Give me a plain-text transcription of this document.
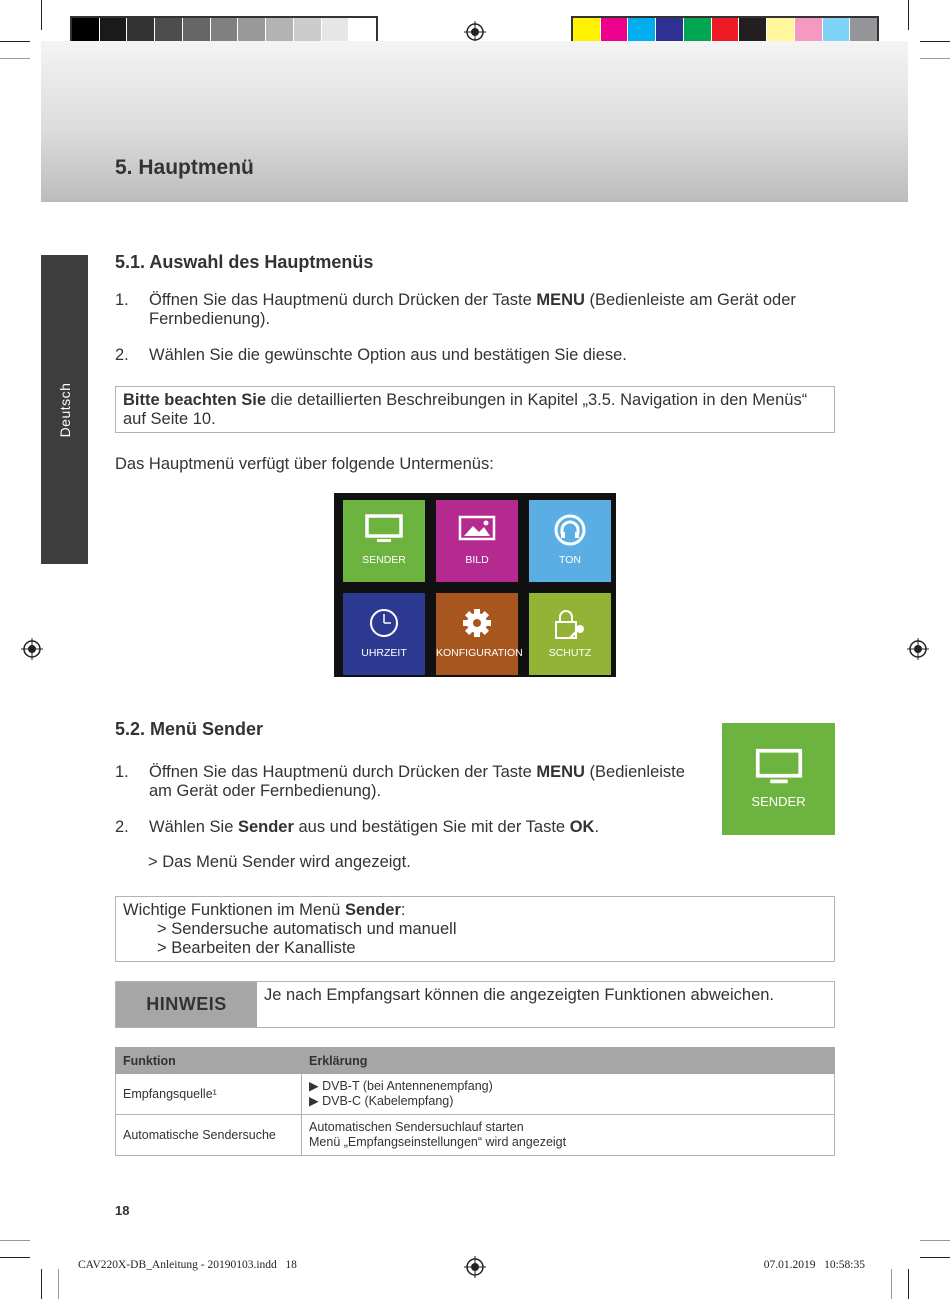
5. Hauptmenü
Deutsch
5.1. Auswahl des Hauptmenüs
1. Öffnen Sie das Hauptmenü durch Drücken der Taste MENU (Bedienleiste am Gerät oder Fernbedienung).
2. Wählen Sie die gewünschte Option aus und bestätigen Sie diese.
Bitte beachten Sie die detaillierten Beschreibungen in Kapitel „3.5. Navigation in den Menüs“ auf Seite 10.
Das Hauptmenü verfügt über folgende Untermenüs:
SENDER	BILD	TON
UHRZEIT	KONFIGURATION	SCHUTZ
5.2. Menü Sender
SENDER
1. Öffnen Sie das Hauptmenü durch Drücken der Taste MENU (Bedienleiste am Gerät oder Fernbedienung).
2. Wählen Sie Sender aus und bestätigen Sie mit der Taste OK.
> Das Menü Sender wird angezeigt.
Wichtige Funktionen im Menü Sender:
> Sendersuche automatisch und manuell
> Bearbeiten der Kanalliste
HINWEIS	Je nach Empfangsart können die angezeigten Funktionen abweichen.
Funktion	Erklärung
Empfangsquelle¹	▶ DVB-T (bei Antennenempfang)
▶ DVB-C (Kabelempfang)

Automatische Sendersuche	Automatischen Sendersuchlauf starten
Menü „Empfangseinstellungen“ wird angezeigt
18
CAV220X-DB_Anleitung - 20190103.indd   18	07.01.2019   10:58:35
